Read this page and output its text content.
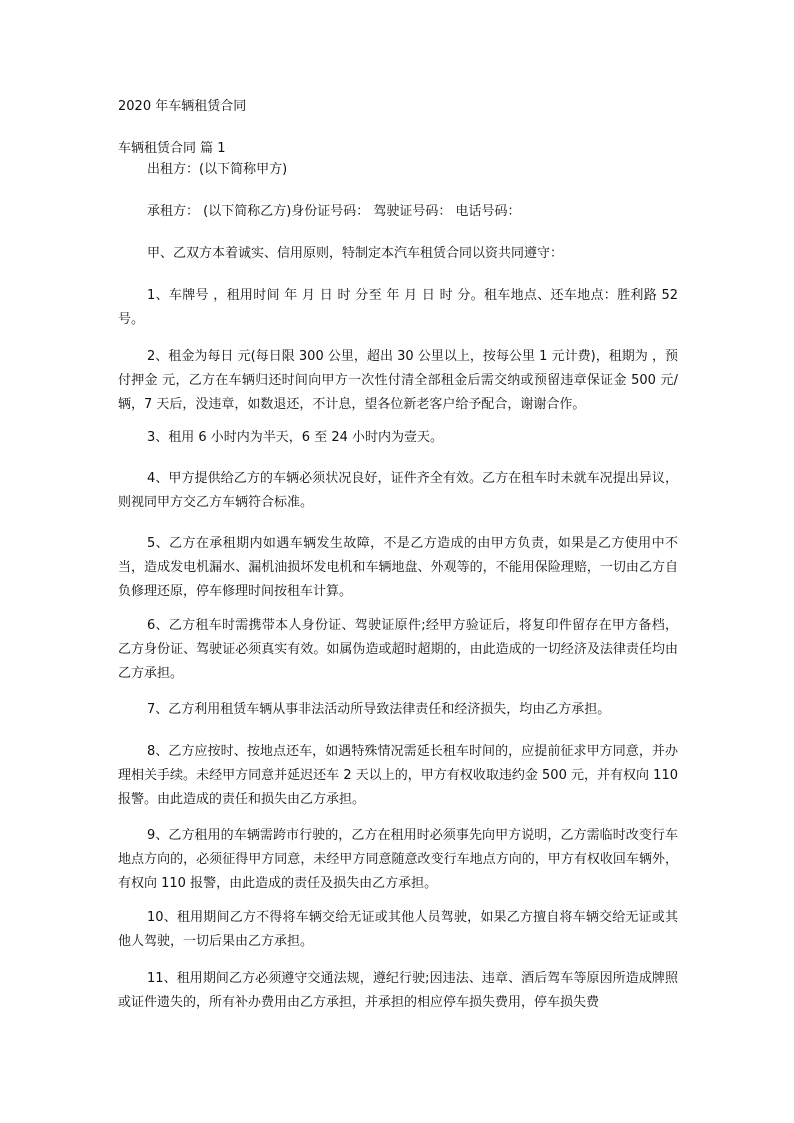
2020 年车辆租赁合同
车辆租赁合同 篇 1
出租方：(以下简称甲方)
承租方： (以下简称乙方)身份证号码： 驾驶证号码： 电话号码：
甲、乙双方本着诚实、信用原则，特制定本汽车租赁合同以资共同遵守：

1、车牌号 ，租用时间 年 月 日 时 分至 年 月 日 时 分。租车地点、还车地点：胜利路 52 号。

2、租金为每日 元(每日限 300 公里，超出 30 公里以上，按每公里 1 元计费)，租期为 ，预付押金 元，乙方在车辆归还时间向甲方一次性付清全部租金后需交纳或预留违章保证金 500 元/辆，7 天后，没违章，如数退还，不计息，望各位新老客户给予配合，谢谢合作。

3、租用 6 小时内为半天，6 至 24 小时内为壹天。

4、甲方提供给乙方的车辆必须状况良好，证件齐全有效。乙方在租车时未就车况提出异议，则视同甲方交乙方车辆符合标准。

5、乙方在承租期内如遇车辆发生故障，不是乙方造成的由甲方负责，如果是乙方使用中不当，造成发电机漏水、漏机油损坏发电机和车辆地盘、外观等的，不能用保险理赔，一切由乙方自负修理还原，停车修理时间按租车计算。

6、乙方租车时需携带本人身份证、驾驶证原件;经甲方验证后，将复印件留存在甲方备档，乙方身份证、驾驶证必须真实有效。如属伪造或超时超期的，由此造成的一切经济及法律责任均由乙方承担。

7、乙方利用租赁车辆从事非法活动所导致法律责任和经济损失，均由乙方承担。

8、乙方应按时、按地点还车，如遇特殊情况需延长租车时间的，应提前征求甲方同意，并办理相关手续。未经甲方同意并延迟还车 2 天以上的，甲方有权收取违约金 500 元，并有权向 110 报警。由此造成的责任和损失由乙方承担。

9、乙方租用的车辆需跨市行驶的，乙方在租用时必须事先向甲方说明，乙方需临时改变行车地点方向的，必须征得甲方同意，未经甲方同意随意改变行车地点方向的，甲方有权收回车辆外，有权向 110 报警，由此造成的责任及损失由乙方承担。

10、租用期间乙方不得将车辆交给无证或其他人员驾驶，如果乙方擅自将车辆交给无证或其他人驾驶，一切后果由乙方承担。

11、租用期间乙方必须遵守交通法规，遵纪行驶;因违法、违章、酒后驾车等原因所造成牌照或证件遗失的，所有补办费用由乙方承担，并承担的相应停车损失费用，停车损失费
